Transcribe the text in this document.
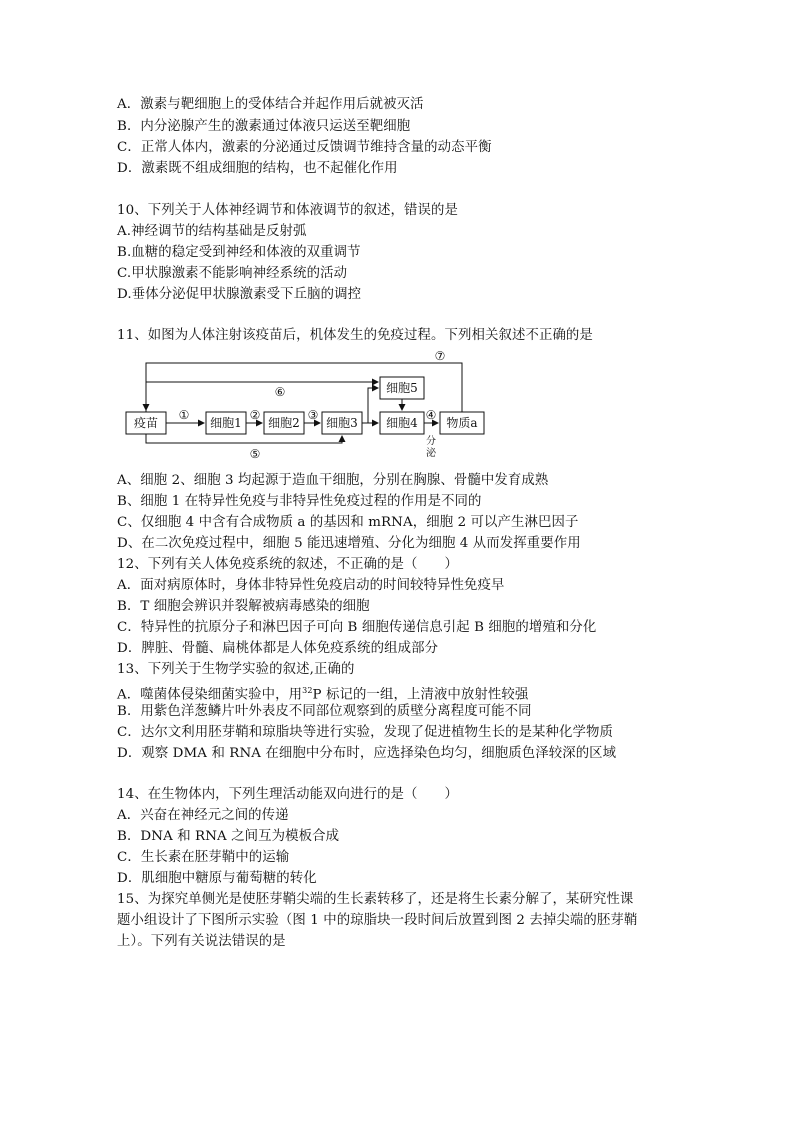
A．激素与靶细胞上的受体结合并起作用后就被灭活
B．内分泌腺产生的激素通过体液只运送至靶细胞
C．正常人体内，激素的分泌通过反馈调节维持含量的动态平衡
D．激素既不组成细胞的结构，也不起催化作用
10、下列关于人体神经调节和体液调节的叙述，错误的是
A.神经调节的结构基础是反射弧
B.血糖的稳定受到神经和体液的双重调节
C.甲状腺激素不能影响神经系统的活动
D.垂体分泌促甲状腺激素受下丘脑的调控
11、如图为人体注射该疫苗后，机体发生的免疫过程。下列相关叙述不正确的是
疫苗	细胞1 细胞2 细胞3
细胞5
细胞4 物质a
①	②	③	④
⑤
⑥
⑦
分
泌
A、细胞 2、细胞 3 均起源于造血干细胞，分别在胸腺、骨髓中发育成熟
B、细胞 1 在特异性免疫与非特异性免疫过程的作用是不同的
C、仅细胞 4 中含有合成物质 a 的基因和 mRNA，细胞 2 可以产生淋巴因子
D、在二次免疫过程中，细胞 5 能迅速增殖、分化为细胞 4 从而发挥重要作用
12、下列有关人体免疫系统的叙述，不正确的是（　　）
A．面对病原体时，身体非特异性免疫启动的时间较特异性免疫早
B．T 细胞会辨识并裂解被病毒感染的细胞
C．特异性的抗原分子和淋巴因子可向 B 细胞传递信息引起 B 细胞的增殖和分化
D．脾脏、骨髓、扁桃体都是人体免疫系统的组成部分
13、下列关于生物学实验的叙述,正确的
A．噬菌体侵染细菌实验中，用$^{32}$P 标记的一组，上清液中放射性较强
B．用紫色洋葱鳞片叶外表皮不同部位观察到的质壁分离程度可能不同
C．达尔文利用胚芽鞘和琼脂块等进行实验，发现了促进植物生长的是某种化学物质
D．观察 DMA 和 RNA 在细胞中分布时，应选择染色均匀，细胞质色泽较深的区域
14、在生物体内，下列生理活动能双向进行的是（　　）
A．兴奋在神经元之间的传递
B．DNA 和 RNA 之间互为模板合成
C．生长素在胚芽鞘中的运输
D．肌细胞中糖原与葡萄糖的转化
15、为探究单侧光是使胚芽鞘尖端的生长素转移了，还是将生长素分解了，某研究性课
题小组设计了下图所示实验（图 1 中的琼脂块一段时间后放置到图 2 去掉尖端的胚芽鞘
上）。下列有关说法错误的是
